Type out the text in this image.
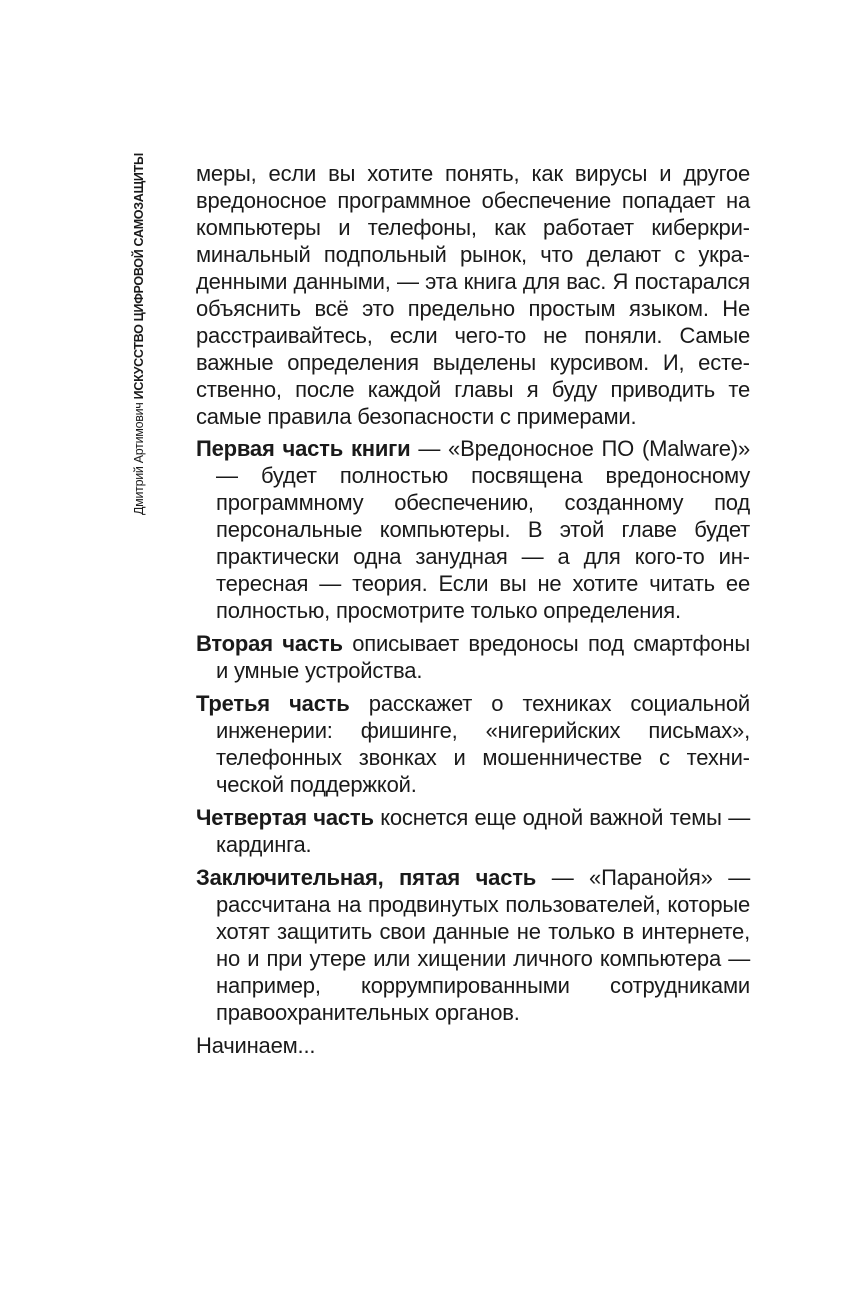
Дмитрий Артимович ИСКУССТВО ЦИФРОВОЙ САМОЗАЩИТЫ меры, если вы хотите понять, как вирусы и другое вредоносное программное обеспечение попадает на компьютеры и телефоны, как работает киберкриминальный подпольный рынок, что делают с украденными данными, — эта книга для вас. Я постарался объяснить всё это предельно простым языком. Не расстраивайтесь, если чего-то не поняли. Самые важные определения выделены курсивом. И, естественно, после каждой главы я буду приводить те самые правила безопасности с примерами.

Первая часть книги — «Вредоносное ПО (Malware)» — будет полностью посвящена вредоносному программному обеспечению, созданному под персональные компьютеры. В этой главе будет практически одна занудная — а для кого-то интересная — теория. Если вы не хотите читать ее полностью, просмотрите только определения.

Вторая часть описывает вредоносы под смартфоны и умные устройства.

Третья часть расскажет о техниках социальной инженерии: фишинге, «нигерийских письмах», телефонных звонках и мошенничестве с технической поддержкой.

Четвертая часть коснется еще одной важной темы — кардинга.

Заключительная, пятая часть — «Паранойя» — рассчитана на продвинутых пользователей, которые хотят защитить свои данные не только в интернете, но и при утере или хищении личного компьютера — например, коррумпированными сотрудниками правоохранительных органов.

Начинаем...
